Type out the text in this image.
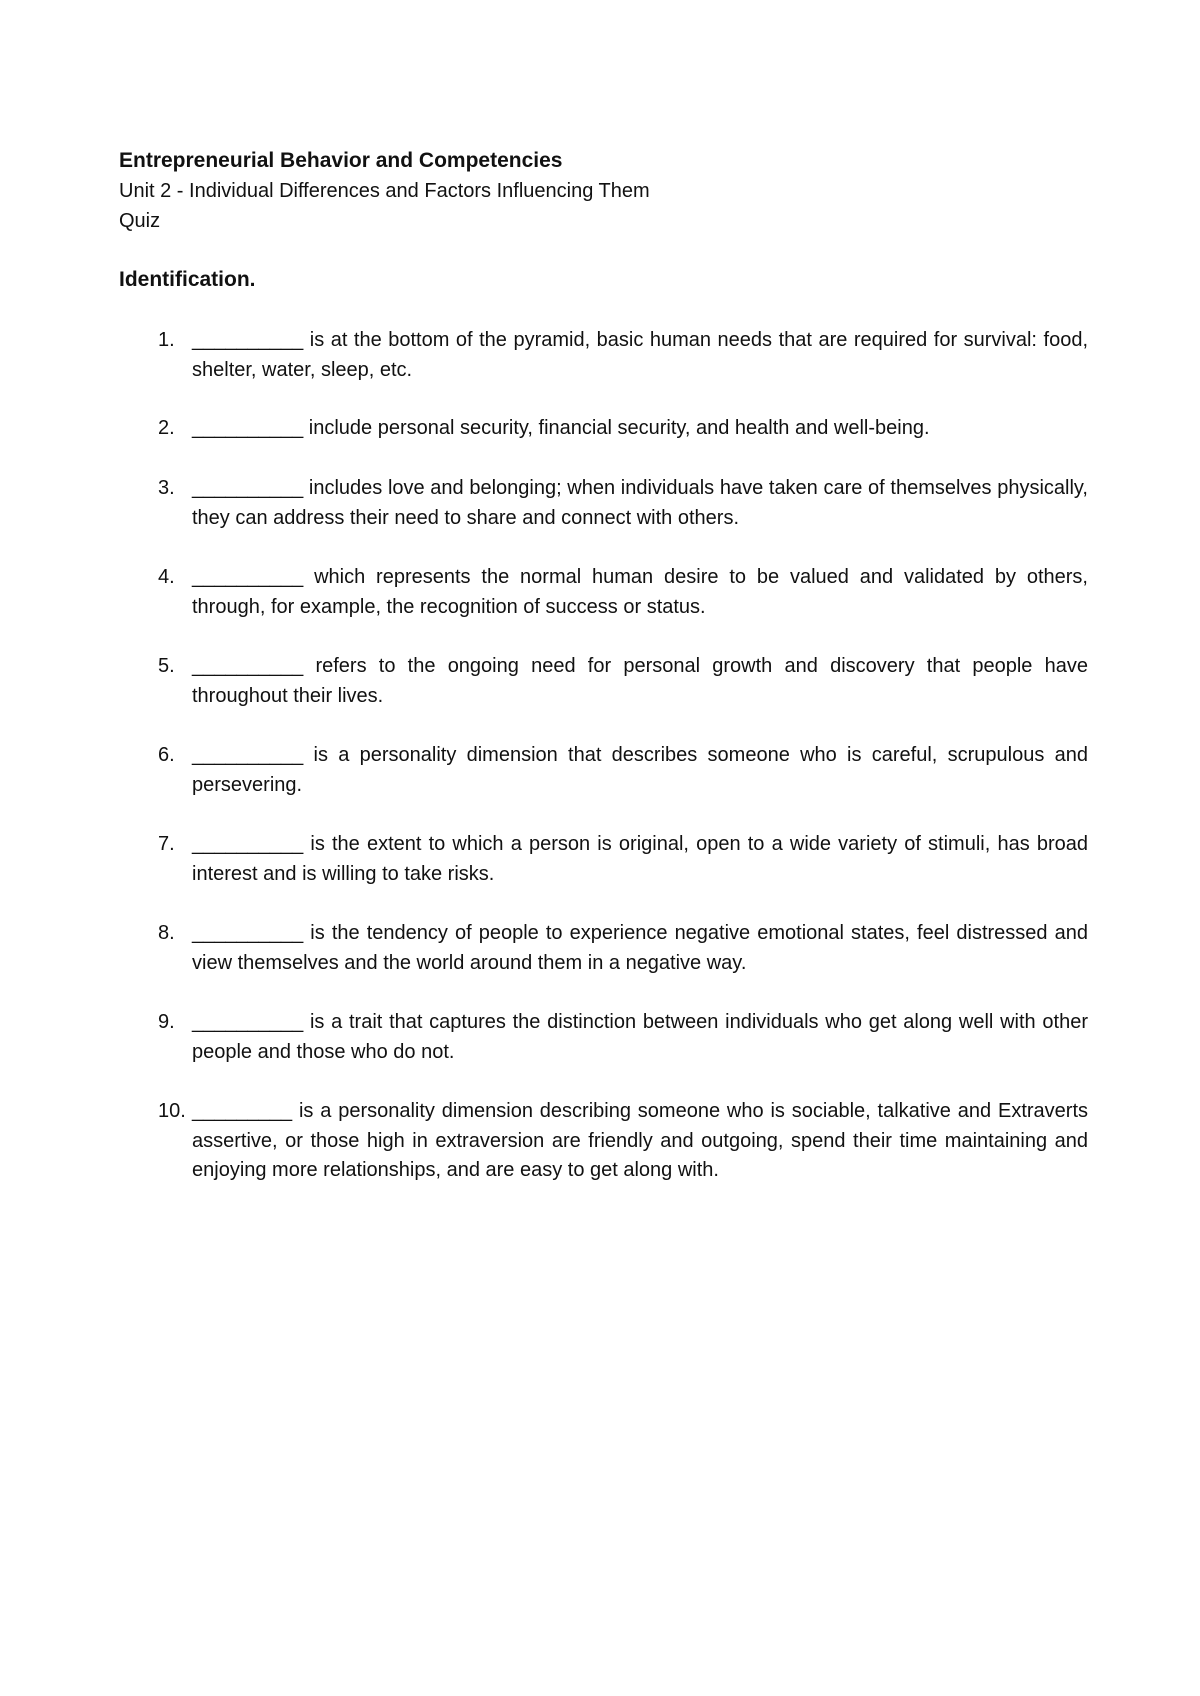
Entrepreneurial Behavior and Competencies

Unit 2 - Individual Differences and Factors Influencing Them

Quiz

Identification.

1. __________ is at the bottom of the pyramid, basic human needs that are required for survival: food, shelter, water, sleep, etc.
2. __________ include personal security, financial security, and health and well-being.
3. __________ includes love and belonging; when individuals have taken care of themselves physically, they can address their need to share and connect with others.
4. __________ which represents the normal human desire to be valued and validated by others, through, for example, the recognition of success or status.
5. __________ refers to the ongoing need for personal growth and discovery that people have throughout their lives.
6. __________ is a personality dimension that describes someone who is careful, scrupulous and persevering.
7. __________ is the extent to which a person is original, open to a wide variety of stimuli, has broad interest and is willing to take risks.
8. __________ is the tendency of people to experience negative emotional states, feel distressed and view themselves and the world around them in a negative way.
9. __________ is a trait that captures the distinction between individuals who get along well with other people and those who do not.
10. _________ is a personality dimension describing someone who is sociable, talkative and Extraverts assertive, or those high in extraversion are friendly and outgoing, spend their time maintaining and enjoying more relationships, and are easy to get along with.
